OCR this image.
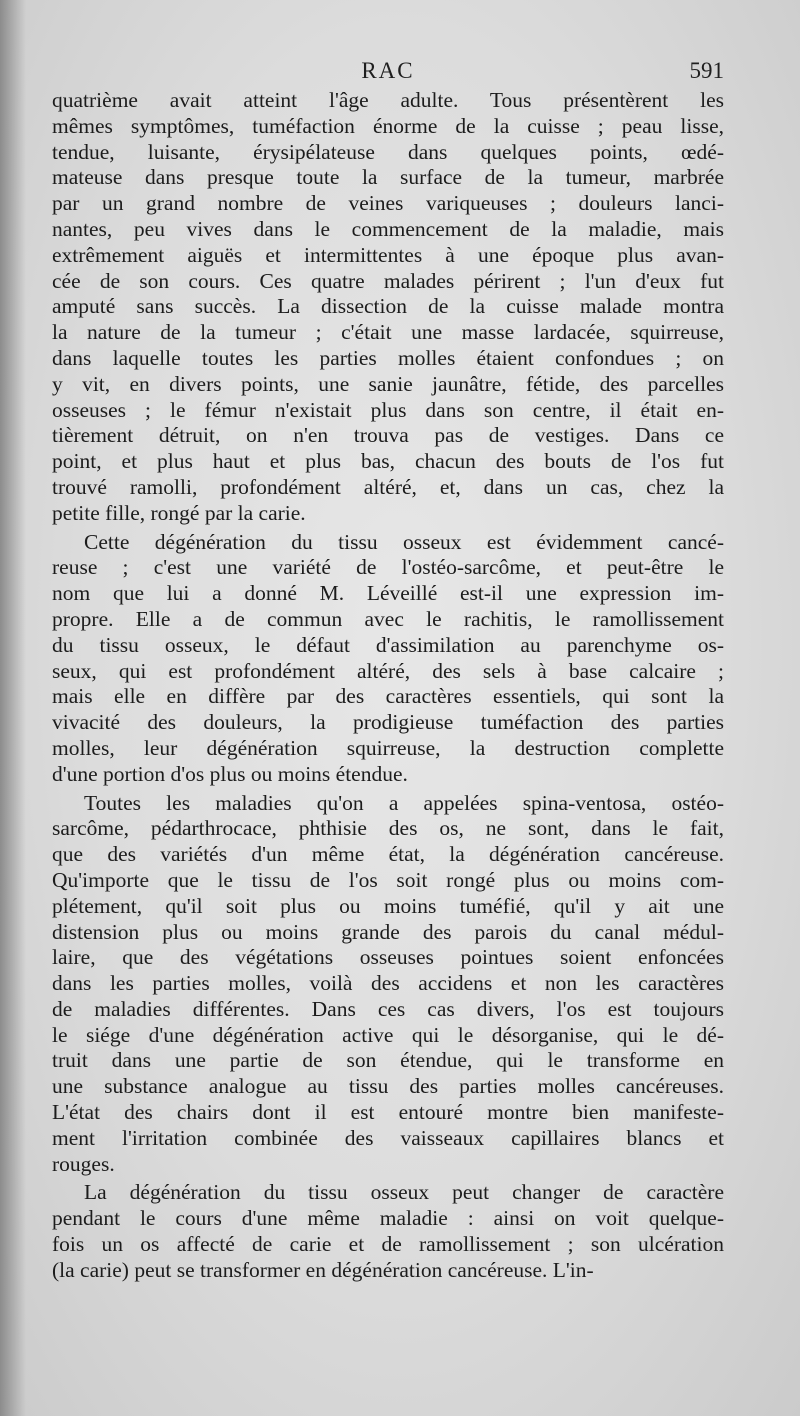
RAC	591
quatrième avait atteint l'âge adulte. Tous présentèrent les
mêmes symptômes, tuméfaction énorme de la cuisse ; peau lisse,
tendue, luisante, érysipélateuse dans quelques points, œdé-
mateuse dans presque toute la surface de la tumeur, marbrée
par un grand nombre de veines variqueuses ; douleurs lanci-
nantes, peu vives dans le commencement de la maladie, mais
extrêmement aiguës et intermittentes à une époque plus avan-
cée de son cours. Ces quatre malades périrent ; l'un d'eux fut
amputé sans succès. La dissection de la cuisse malade montra
la nature de la tumeur ; c'était une masse lardacée, squirreuse,
dans laquelle toutes les parties molles étaient confondues ; on
y vit, en divers points, une sanie jaunâtre, fétide, des parcelles
osseuses ; le fémur n'existait plus dans son centre, il était en-
tièrement détruit, on n'en trouva pas de vestiges. Dans ce
point, et plus haut et plus bas, chacun des bouts de l'os fut
trouvé ramolli, profondément altéré, et, dans un cas, chez la
petite fille, rongé par la carie.
Cette dégénération du tissu osseux est évidemment cancé-
reuse ; c'est une variété de l'ostéo-sarcôme, et peut-être le
nom que lui a donné M. Léveillé est-il une expression im-
propre. Elle a de commun avec le rachitis, le ramollissement
du tissu osseux, le défaut d'assimilation au parenchyme os-
seux, qui est profondément altéré, des sels à base calcaire ;
mais elle en diffère par des caractères essentiels, qui sont la
vivacité des douleurs, la prodigieuse tuméfaction des parties
molles, leur dégénération squirreuse, la destruction complette
d'une portion d'os plus ou moins étendue.
Toutes les maladies qu'on a appelées spina-ventosa, ostéo-
sarcôme, pédarthrocace, phthisie des os, ne sont, dans le fait,
que des variétés d'un même état, la dégénération cancéreuse.
Qu'importe que le tissu de l'os soit rongé plus ou moins com-
plétement, qu'il soit plus ou moins tuméfié, qu'il y ait une
distension plus ou moins grande des parois du canal médul-
laire, que des végétations osseuses pointues soient enfoncées
dans les parties molles, voilà des accidens et non les caractères
de maladies différentes. Dans ces cas divers, l'os est toujours
le siége d'une dégénération active qui le désorganise, qui le dé-
truit dans une partie de son étendue, qui le transforme en
une substance analogue au tissu des parties molles cancéreuses.
L'état des chairs dont il est entouré montre bien manifeste-
ment l'irritation combinée des vaisseaux capillaires blancs et
rouges.
La dégénération du tissu osseux peut changer de caractère
pendant le cours d'une même maladie : ainsi on voit quelque-
fois un os affecté de carie et de ramollissement ; son ulcération
(la carie) peut se transformer en dégénération cancéreuse. L'in-
